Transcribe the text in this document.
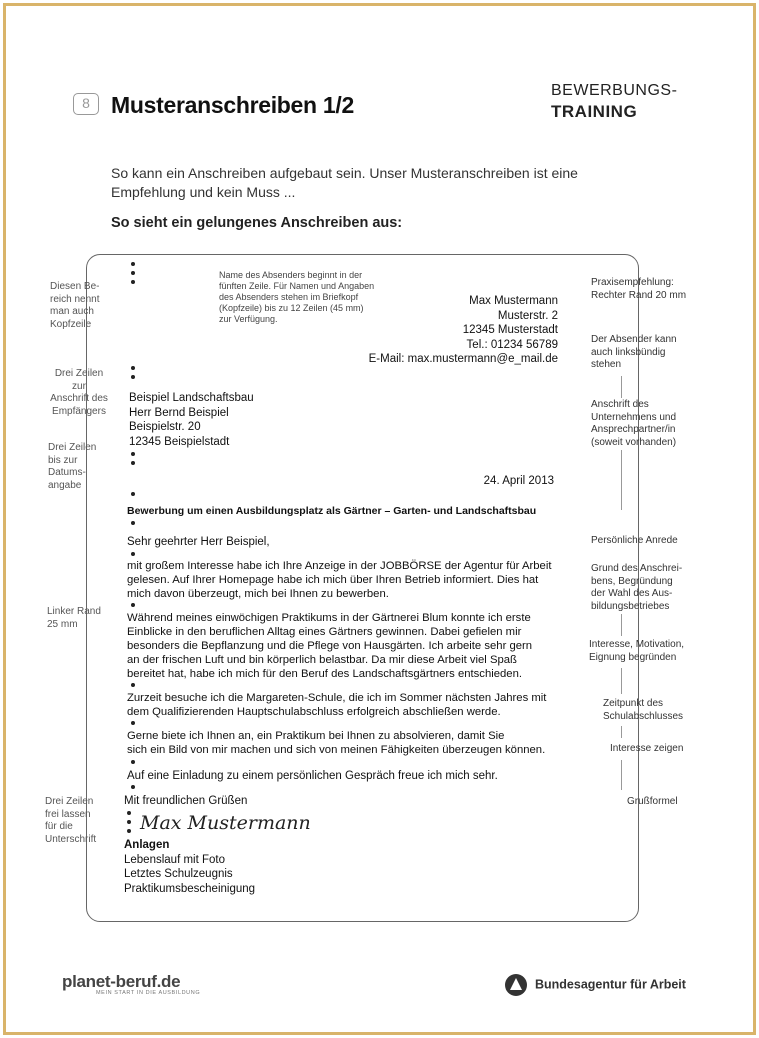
8 Musteranschreiben 1/2
BEWERBUNGS-
TRAINING
So kann ein Anschreiben aufgebaut sein. Unser Musteranschreiben ist eine Empfehlung und kein Muss ...
So sieht ein gelungenes Anschreiben aus:
Diesen Be-
reich nennt
man auch
Kopfzeile
Drei Zeilen
zur
Anschrift des
Empfängers
Drei Zeilen
bis zur
Datums-
angabe
Linker Rand
25 mm
Drei Zeilen
frei lassen
für die
Unterschrift
Praxisempfehlung:
Rechter Rand 20 mm
Der Absender kann
auch linksbündig
stehen
Anschrift des
Unternehmens und
Ansprechpartner/in
(soweit vorhanden)
Persönliche Anrede
Grund des Anschrei-
bens, Begründung
der Wahl des Aus-
bildungsbetriebes
Interesse, Motivation,
Eignung begründen
Zeitpunkt des
Schulabschlusses
Interesse zeigen
Grußformel
Name des Absenders beginnt in der
fünften Zeile. Für Namen und Angaben
des Absenders stehen im Briefkopf
(Kopfzeile) bis zu 12 Zeilen (45 mm)
zur Verfügung.
Max Mustermann
Musterstr. 2
12345 Musterstadt
Tel.: 01234 56789
E-Mail: max.mustermann@e_mail.de
Beispiel Landschaftsbau
Herr Bernd Beispiel
Beispielstr. 20
12345 Beispielstadt
24. April 2013
Bewerbung um einen Ausbildungsplatz als Gärtner – Garten- und Landschaftsbau
Sehr geehrter Herr Beispiel,
mit großem Interesse habe ich Ihre Anzeige in der JOBBÖRSE der Agentur für Arbeit
gelesen. Auf Ihrer Homepage habe ich mich über Ihren Betrieb informiert. Dies hat
mich davon überzeugt, mich bei Ihnen zu bewerben.
Während meines einwöchigen Praktikums in der Gärtnerei Blum konnte ich erste
Einblicke in den beruflichen Alltag eines Gärtners gewinnen. Dabei gefielen mir
besonders die Bepflanzung und die Pflege von Hausgärten. Ich arbeite sehr gern
an der frischen Luft und bin körperlich belastbar. Da mir diese Arbeit viel Spaß
bereitet hat, habe ich mich für den Beruf des Landschaftsgärtners entschieden.
Zurzeit besuche ich die Margareten-Schule, die ich im Sommer nächsten Jahres mit
dem Qualifizierenden Hauptschulabschluss erfolgreich abschließen werde.
Gerne biete ich Ihnen an, ein Praktikum bei Ihnen zu absolvieren, damit Sie
sich ein Bild von mir machen und sich von meinen Fähigkeiten überzeugen können.
Auf eine Einladung zu einem persönlichen Gespräch freue ich mich sehr.
Mit freundlichen Grüßen
Max Mustermann
Anlagen
Lebenslauf mit Foto
Letztes Schulzeugnis
Praktikumsbescheinigung
planet-beruf.de
MEIN START IN DIE AUSBILDUNG
Bundesagentur für Arbeit
